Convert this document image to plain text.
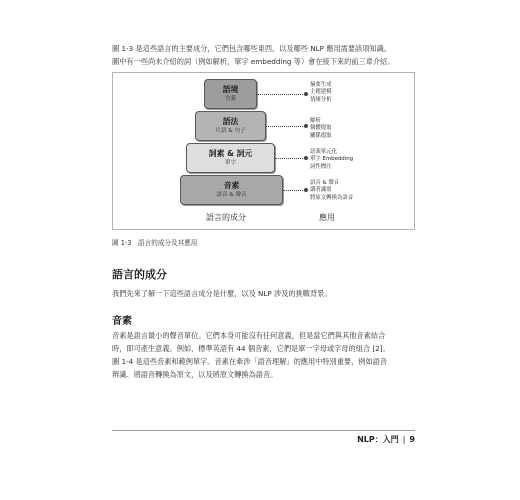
圖 1-3 是這些語言的主要成分，它們包含哪些東西，以及哪些 NLP 應用需要該項知識。
圖中有一些尚未介紹的詞（例如解析，單字 embedding 等）會在接下來的前三章介紹。
語境
含義
語法
片語 & 句子
詞素 & 詞元
單字
音素
語音 & 聲音
摘要生成
主題建模
情緒分析
解析
個體提取
關係提取
語義單元化
單字 Embedding
詞性標注
語音 & 聲音
講者識別
將原文轉換為語音
語言的成分	應用
圖 1-3　語言的成分及其應用
語言的成分
我們先來了解一下這些語言成分是什麼，以及 NLP 涉及的挑戰背景。
音素
音素是語言最小的聲音單位。它們本身可能沒有任何意義，但是當它們與其他音素結合
時，即可產生意義。例如，標準英語有 44 個音素，它們是單一字母或字母的組合 [2]。
圖 1-4 是這些音素和範例單字。音素在牽涉「語音理解」的應用中特別重要，例如語音
辨識、將語音轉換為原文，以及將原文轉換為語音。
NLP：入門 | 9
